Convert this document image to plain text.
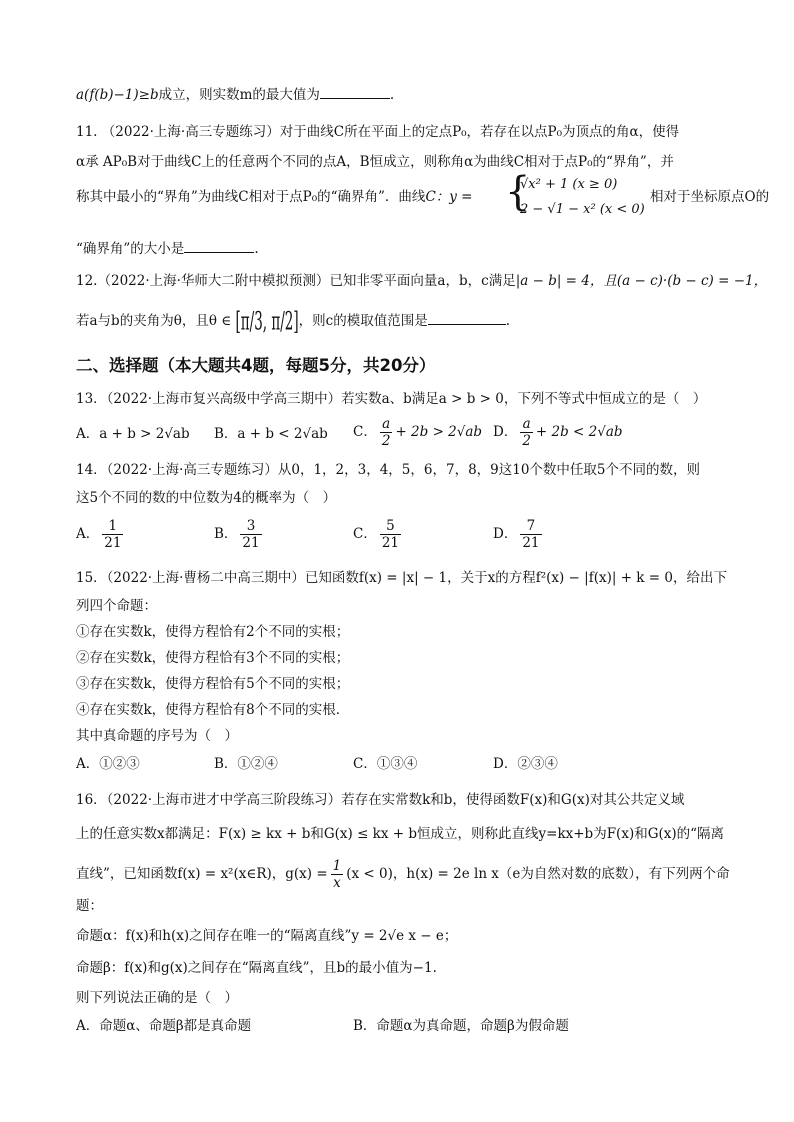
a(f(b)−1)≥b成立，则实数m的最大值为	.
11. （2022·上海·高三专题练习）对于曲线C所在平面上的定点P₀，若存在以点P₀为顶点的角α，使得
α承 AP₀B对于曲线C上的任意两个不同的点A，B恒成立，则称角α为曲线C相对于点P₀的“界角”，并
称其中最小的“界角”为曲线C相对于点P₀的“确界角”．曲线C：y = {
√x² + 1 (x ≥ 0)
2 − √1 − x² (x < 0)
相对于坐标原点O的
“确界角”的大小是	.
12.（2022·上海·华师大二附中模拟预测）已知非零平面向量a，b，c满足|a − b| = 4，且(a − c)·(b − c) = −1，
若a与b的夹角为θ，且θ ∈ [π/3, π/2]，则c的模取值范围是	.
二、选择题（本大题共4题，每题5分，共20分）
13．（2022·上海市复兴高级中学高三期中）若实数a、b满足a > b > 0，下列不等式中恒成立的是（　）
A．a + b > 2√ab B．a + b < 2√ab C． $\frac{a}{2} + 2b > 2√ab$ D． $\frac{a}{2} + 2b < 2√ab$
14．（2022·上海·高三专题练习）从0，1，2，3，4，5，6，7，8，9这10个数中任取5个不同的数，则
这5个不同的数的中位数为4的概率为（　）
A． $\frac{1}{21}$	B． $\frac{3}{21}$	C． $\frac{5}{21}$	D． $\frac{7}{21}$
15．（2022·上海·曹杨二中高三期中）已知函数f(x) = |x| − 1，关于x的方程f²(x) − |f(x)| + k = 0，给出下
列四个命题：
①存在实数k，使得方程恰有2个不同的实根；
②存在实数k，使得方程恰有3个不同的实根；
③存在实数k，使得方程恰有5个不同的实根；
④存在实数k，使得方程恰有8个不同的实根．
其中真命题的序号为（　）
A．①②③	B．①②④	C．①③④	D．②③④
16．（2022·上海市进才中学高三阶段练习）若存在实常数k和b，使得函数F(x)和G(x)对其公共定义域
上的任意实数x都满足：F(x) ≥ kx + b和G(x) ≤ kx + b恒成立，则称此直线y=kx+b为F(x)和G(x)的“隔离
直线”，已知函数f(x) = x²(x∈R)，$g(x) = \frac{1}{x} (x < 0)$，h(x) = 2e ln x（e为自然对数的底数），有下列两个命
题：
命题α：f(x)和h(x)之间存在唯一的“隔离直线”y = 2√e x − e；
命题β：f(x)和g(x)之间存在“隔离直线”，且b的最小值为−1.
则下列说法正确的是（　）
A．命题α、命题β都是真命题	B．命题α为真命题，命题β为假命题
